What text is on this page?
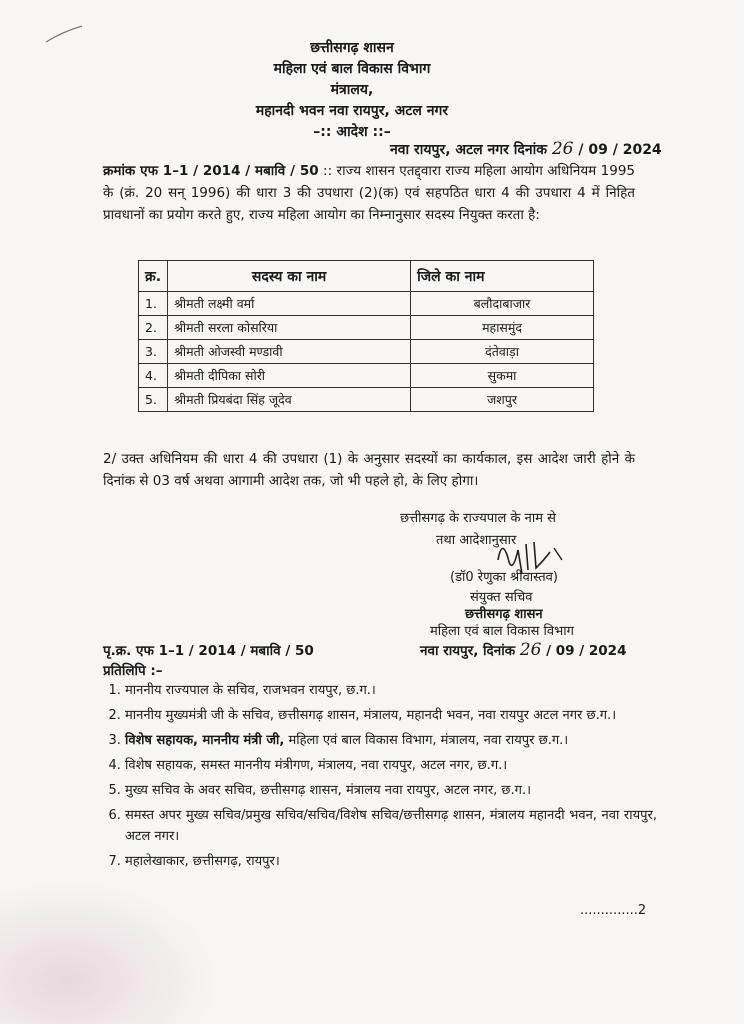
छत्तीसगढ़ शासन
महिला एवं बाल विकास विभाग
मंत्रालय,
महानदी भवन नवा रायपुर, अटल नगर
–:: आदेश ::–
नवा रायपुर, अटल नगर दिनांक 26 / 09 / 2024
क्रमांक एफ 1–1 / 2014 / मबावि / 50 :: राज्य शासन एतद्द्वारा राज्य महिला आयोग अधिनियम 1995 के (क्रं. 20 सन् 1996) की धारा 3 की उपधारा (2)(क) एवं सहपठित धारा 4 की उपधारा 4 में निहित प्रावधानों का प्रयोग करते हुए, राज्य महिला आयोग का निम्नानुसार सदस्य नियुक्त करता है:
क्र.	सदस्य का नाम	जिले का नाम
1.	श्रीमती लक्ष्मी वर्मा	बलौदाबाजार
2.	श्रीमती सरला कोसरिया	महासमुंद
3.	श्रीमती ओजस्वी मण्डावी	दंतेवाड़ा
4.	श्रीमती दीपिका सोरी	सुकमा
5.	श्रीमती प्रियबंदा सिंह जूदेव	जशपुर
2/ उक्त अधिनियम की धारा 4 की उपधारा (1) के अनुसार सदस्यों का कार्यकाल, इस आदेश जारी होने के दिनांक से 03 वर्ष अथवा आगामी आदेश तक, जो भी पहले हो, के लिए होगा।
छत्तीसगढ़ के राज्यपाल के नाम से
तथा आदेशानुसार
(डॉ0 रेणुका श्रीवास्तव)
संयुक्त सचिव
छत्तीसगढ़ शासन
महिला एवं बाल विकास विभाग
पृ.क्र. एफ 1–1 / 2014 / मबावि / 50	नवा रायपुर, दिनांक 26 / 09 / 2024
प्रतिलिपि :–
1. माननीय राज्यपाल के सचिव, राजभवन रायपुर, छ.ग.।
2. माननीय मुख्यमंत्री जी के सचिव, छत्तीसगढ़ शासन, मंत्रालय, महानदी भवन, नवा रायपुर अटल नगर छ.ग.।
3. विशेष सहायक, माननीय मंत्री जी, महिला एवं बाल विकास विभाग, मंत्रालय, नवा रायपुर छ.ग.।
4. विशेष सहायक, समस्त माननीय मंत्रीगण, मंत्रालय, नवा रायपुर, अटल नगर, छ.ग.।
5. मुख्य सचिव के अवर सचिव, छत्तीसगढ़ शासन, मंत्रालय नवा रायपुर, अटल नगर, छ.ग.।
6. समस्त अपर मुख्य सचिव/प्रमुख सचिव/सचिव/विशेष सचिव/छत्तीसगढ़ शासन, मंत्रालय महानदी भवन, नवा रायपुर, अटल नगर।
7. महालेखाकार, छत्तीसगढ़, रायपुर।
..............2
